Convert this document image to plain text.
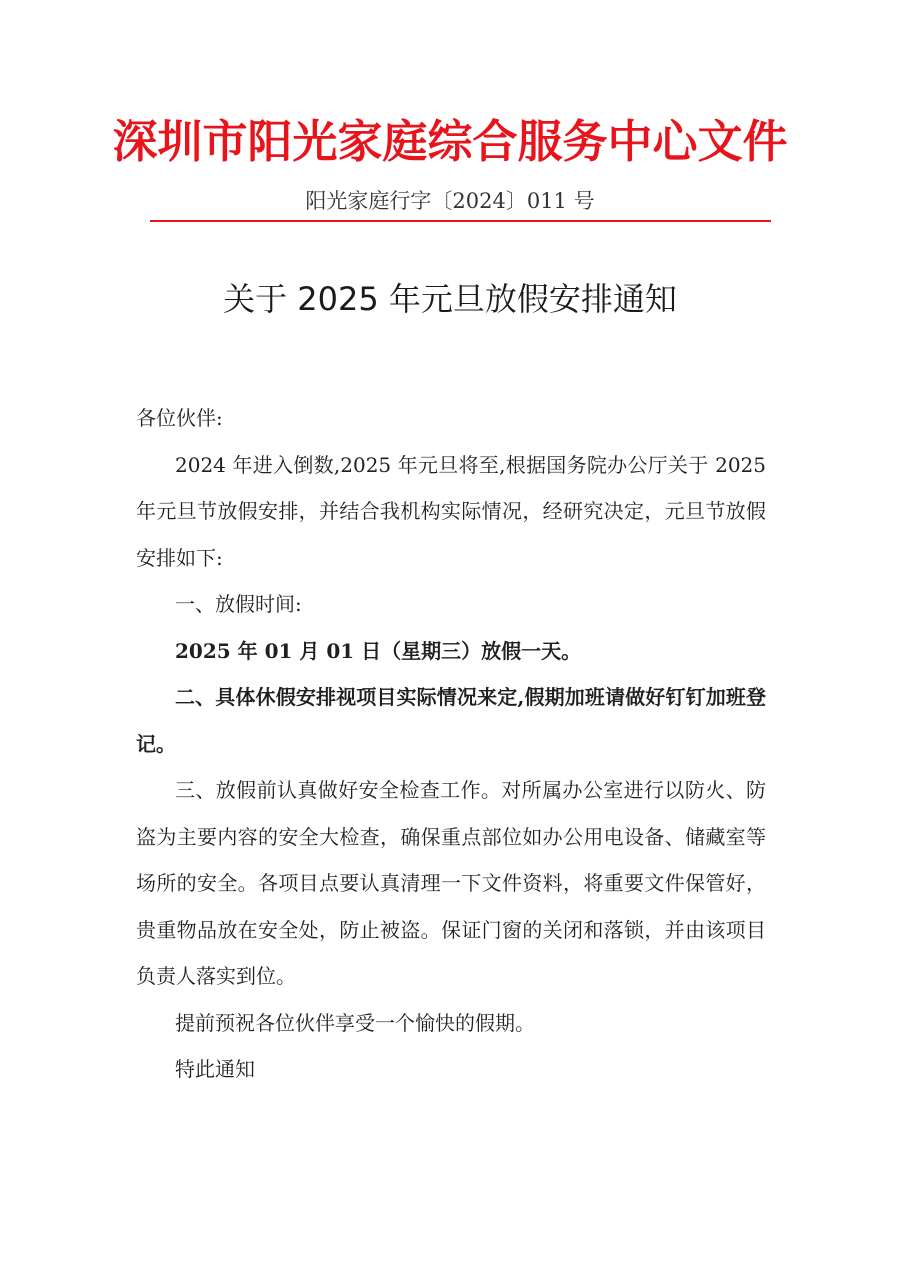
深圳市阳光家庭综合服务中心文件
阳光家庭行字〔2024〕011 号
关于 2025 年元旦放假安排通知

各位伙伴:

2024 年进入倒数,2025 年元旦将至,根据国务院办公厅关于 2025 年元旦节放假安排，并结合我机构实际情况，经研究决定，元旦节放假安排如下:

一、放假时间:

2025 年 01 月 01 日（星期三）放假一天。

二、具体休假安排视项目实际情况来定,假期加班请做好钉钉加班登记。

三、放假前认真做好安全检查工作。对所属办公室进行以防火、防盗为主要内容的安全大检查，确保重点部位如办公用电设备、储藏室等场所的安全。各项目点要认真清理一下文件资料，将重要文件保管好，贵重物品放在安全处，防止被盗。保证门窗的关闭和落锁，并由该项目负责人落实到位。

提前预祝各位伙伴享受一个愉快的假期。

特此通知
